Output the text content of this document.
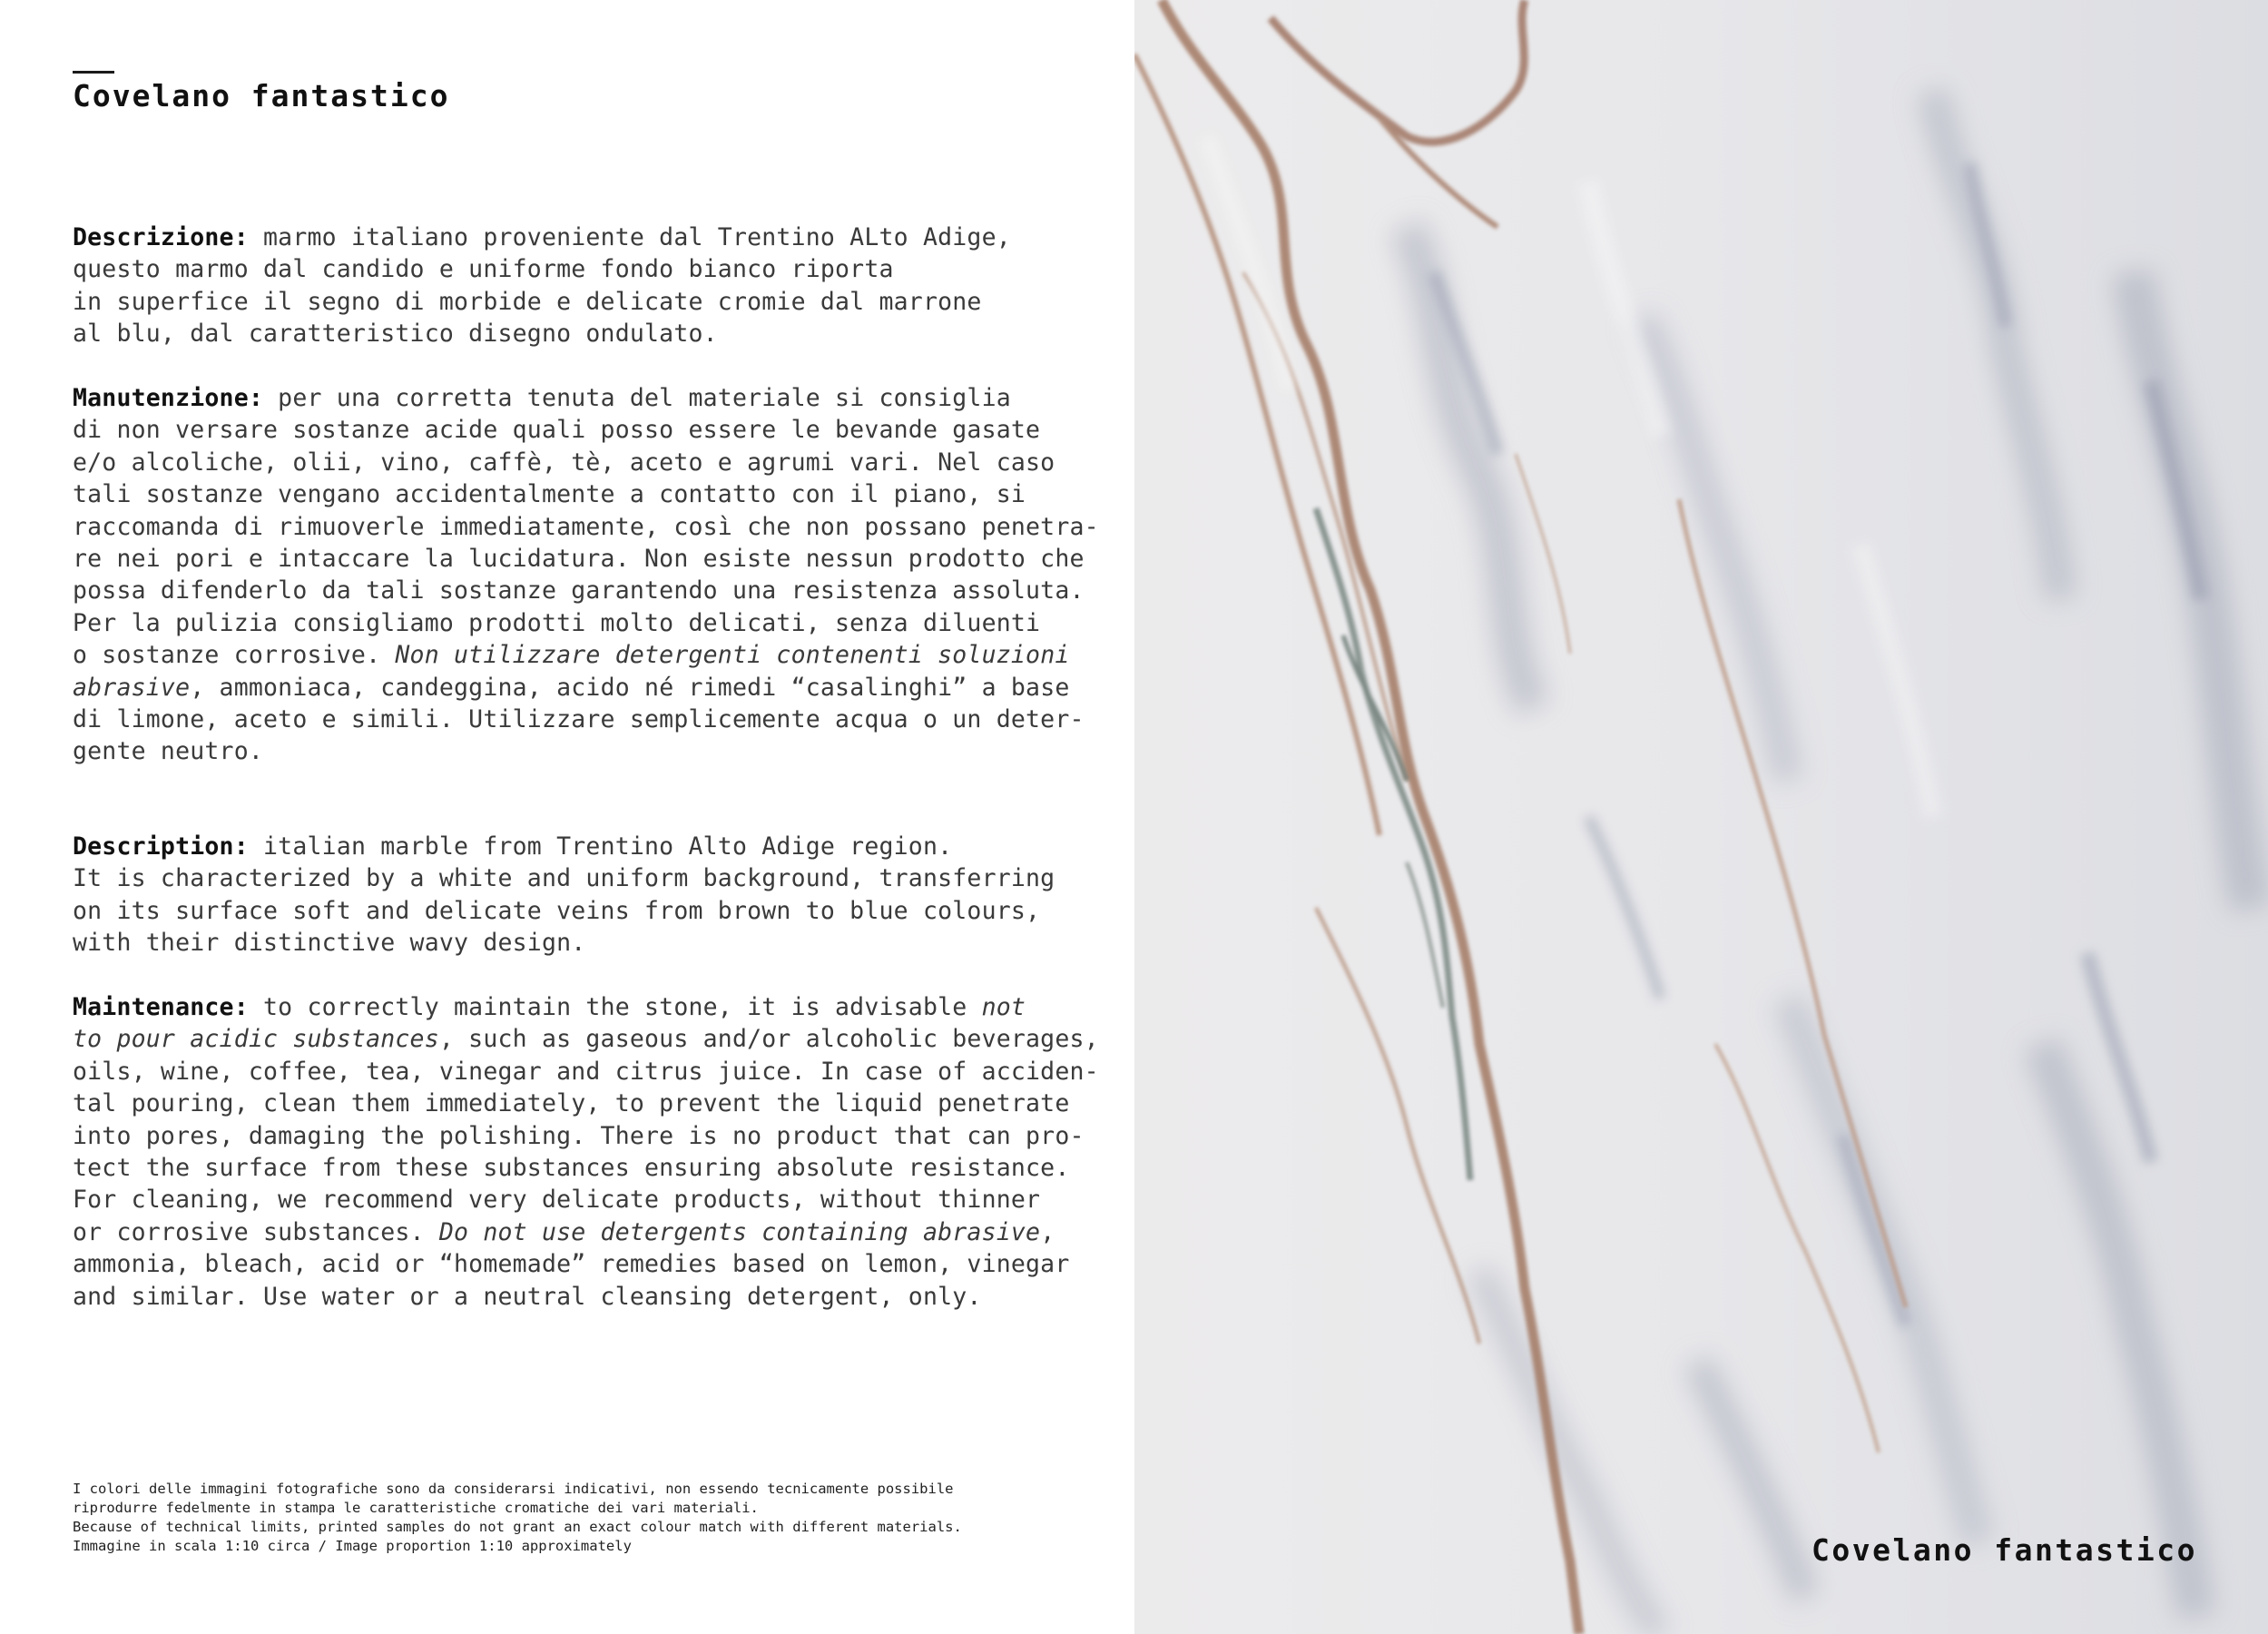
Covelano fantastico
Descrizione: marmo italiano proveniente dal Trentino ALto Adige,
questo marmo dal candido e uniforme fondo bianco riporta
in superfice il segno di morbide e delicate cromie dal marrone
al blu, dal caratteristico disegno ondulato.
Manutenzione: per una corretta tenuta del materiale si consiglia
di non versare sostanze acide quali posso essere le bevande gasate
e/o alcoliche, olii, vino, caffè, tè, aceto e agrumi vari. Nel caso
tali sostanze vengano accidentalmente a contatto con il piano, si
raccomanda di rimuoverle immediatamente, così che non possano penetra-
re nei pori e intaccare la lucidatura. Non esiste nessun prodotto che
possa difenderlo da tali sostanze garantendo una resistenza assoluta.
Per la pulizia consigliamo prodotti molto delicati, senza diluenti
o sostanze corrosive. Non utilizzare detergenti contenenti soluzioni
abrasive, ammoniaca, candeggina, acido né rimedi “casalinghi” a base
di limone, aceto e simili. Utilizzare semplicemente acqua o un deter-
gente neutro.
Description: italian marble from Trentino Alto Adige region.
It is characterized by a white and uniform background, transferring
on its surface soft and delicate veins from brown to blue colours,
with their distinctive wavy design.
Maintenance: to correctly maintain the stone, it is advisable not
to pour acidic substances, such as gaseous and/or alcoholic beverages,
oils, wine, coffee, tea, vinegar and citrus juice. In case of acciden-
tal pouring, clean them immediately, to prevent the liquid penetrate
into pores, damaging the polishing. There is no product that can pro-
tect the surface from these substances ensuring absolute resistance.
For cleaning, we recommend very delicate products, without thinner
or corrosive substances. Do not use detergents containing abrasive,
ammonia, bleach, acid or “homemade” remedies based on lemon, vinegar
and similar. Use water or a neutral cleansing detergent, only.
I colori delle immagini fotografiche sono da considerarsi indicativi, non essendo tecnicamente possibile
riprodurre fedelmente in stampa le caratteristiche cromatiche dei vari materiali.
Because of technical limits, printed samples do not grant an exact colour match with different materials.
Immagine in scala 1:10 circa / Image proportion 1:10 approximately	Covelano fantastico
